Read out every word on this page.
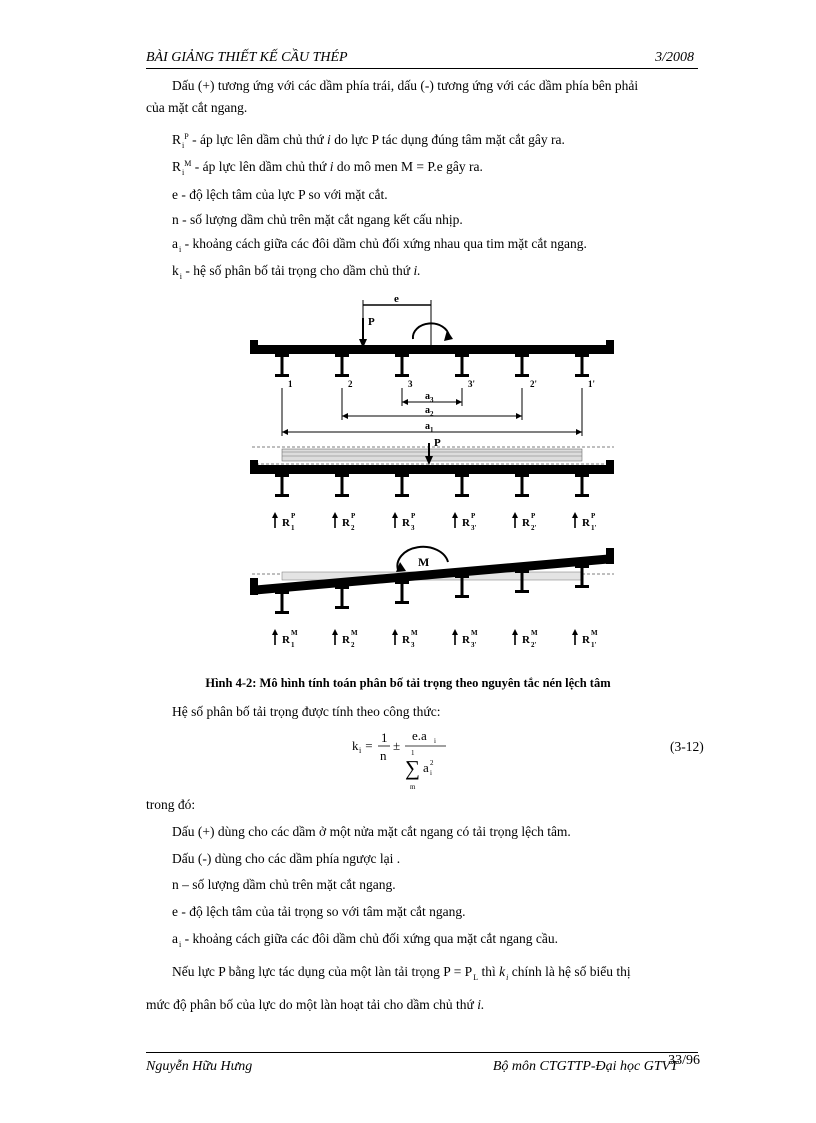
BÀI GIẢNG THIẾT KẾ CẦU THÉP	3/2008
Dấu (+) tương ứng với các dầm phía trái, dấu (-) tương ứng với các dầm phía bên phải
của mặt cắt ngang.
$R_i^P$ - áp lực lên dầm chủ thứ i do lực P tác dụng đúng tâm mặt cắt gây ra.
$R_i^M$ - áp lực lên dầm chủ thứ i do mô men M = P.e gây ra.
e - độ lệch tâm của lực P so với mặt cắt.
n - số lượng dầm chủ trên mặt cắt ngang kết cấu nhịp.
$a_i$ - khoảng cách giữa các đôi dầm chủ đối xứng nhau qua tim mặt cắt ngang.
$k_i$ - hệ số phân bố tải trọng cho dầm chủ thứ i.
e
P
1	2	3	3'	2'	1'
$a_3$
$a_2$
$a_1$
P
R
P
1	R
P
2	R
P
3	R
P
3'	R
P
2'	R
P
1'
M
R
M
1	R
M
2	R
M
3	R
M
3'	R
M
2'	R
M
1'
Hình 4-2: Mô hình tính toán phân bố tải trọng theo nguyên tắc nén lệch tâm
Hệ số phân bố tải trọng được tính theo công thức:
k i =
1
n
±
e.a i
1
∑
m
a i
2
(3-12)
trong đó:
Dấu (+) dùng cho các dầm ở một nửa mặt cắt ngang có tải trọng lệch tâm.
Dấu (-) dùng cho các dầm phía ngược lại .
n – số lượng dầm chủ trên mặt cắt ngang.
e - độ lệch tâm của tải trọng so với tâm mặt cắt ngang.
$a_i$ - khoảng cách giữa các đôi dầm chủ đối xứng qua mặt cắt ngang cầu.
Nếu lực P bằng lực tác dụng của một làn tải trọng $P = P_L$ thì $k_i$ chính là hệ số biểu thị
mức độ phân bố của lực do một làn hoạt tải cho dầm chủ thứ i.
Nguyễn Hữu Hưng	Bộ môn CTGTTP-Đại học GTVT
33/96
